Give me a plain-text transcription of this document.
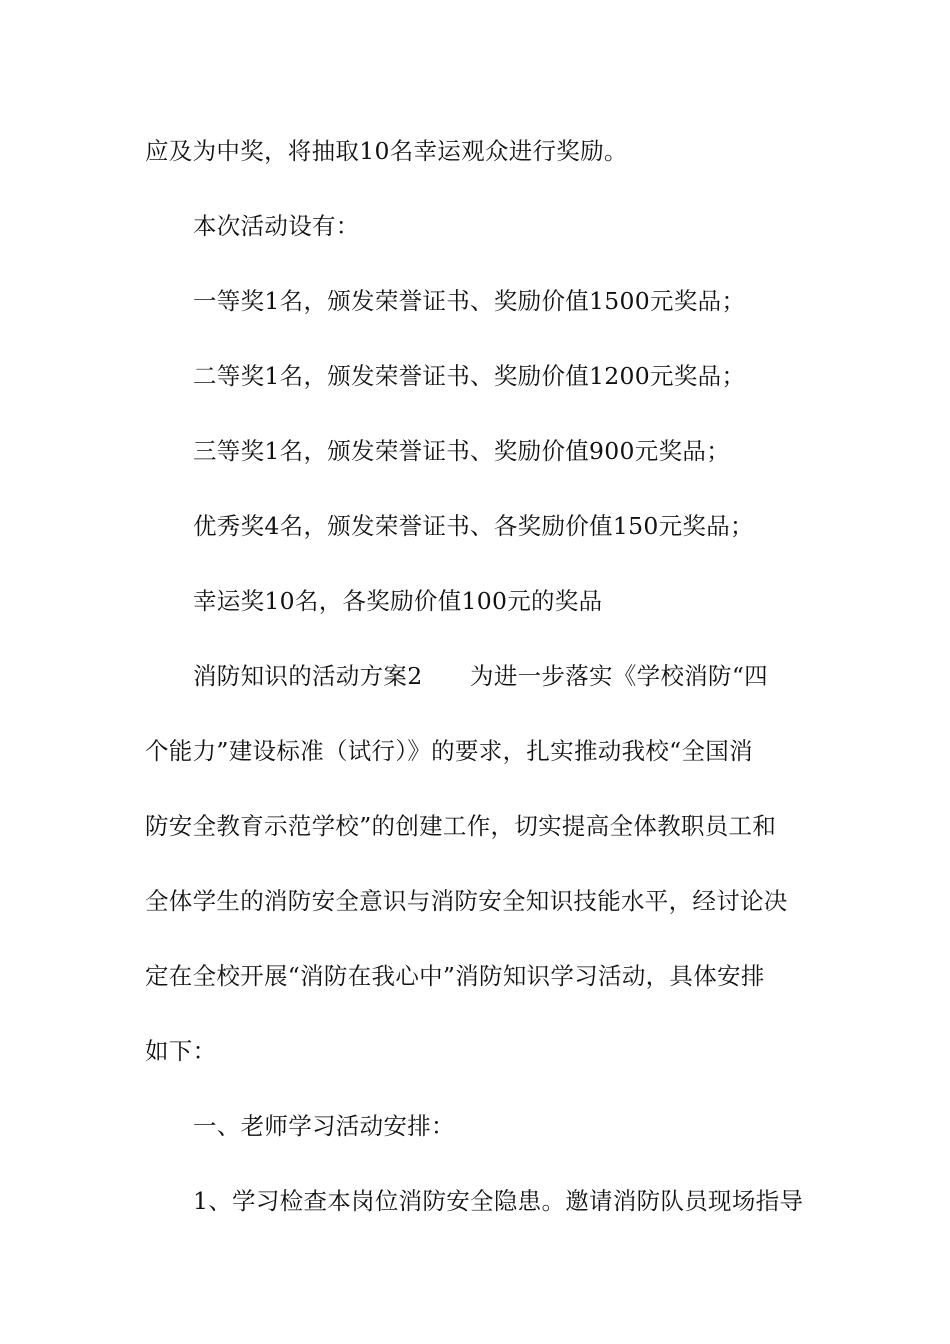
应及为中奖，将抽取10名幸运观众进行奖励。
本次活动设有：
一等奖1名，颁发荣誉证书、奖励价值1500元奖品；
二等奖1名，颁发荣誉证书、奖励价值1200元奖品；
三等奖1名，颁发荣誉证书、奖励价值900元奖品；
优秀奖4名，颁发荣誉证书、各奖励价值150元奖品；
幸运奖10名，各奖励价值100元的奖品
消防知识的活动方案2　　为进一步落实《学校消防“四
个能力”建设标准（试行）》的要求，扎实推动我校“全国消
防安全教育示范学校”的创建工作，切实提高全体教职员工和
全体学生的消防安全意识与消防安全知识技能水平，经讨论决
定在全校开展“消防在我心中”消防知识学习活动，具体安排
如下：
一、老师学习活动安排：
1、学习检查本岗位消防安全隐患。邀请消防队员现场指导
